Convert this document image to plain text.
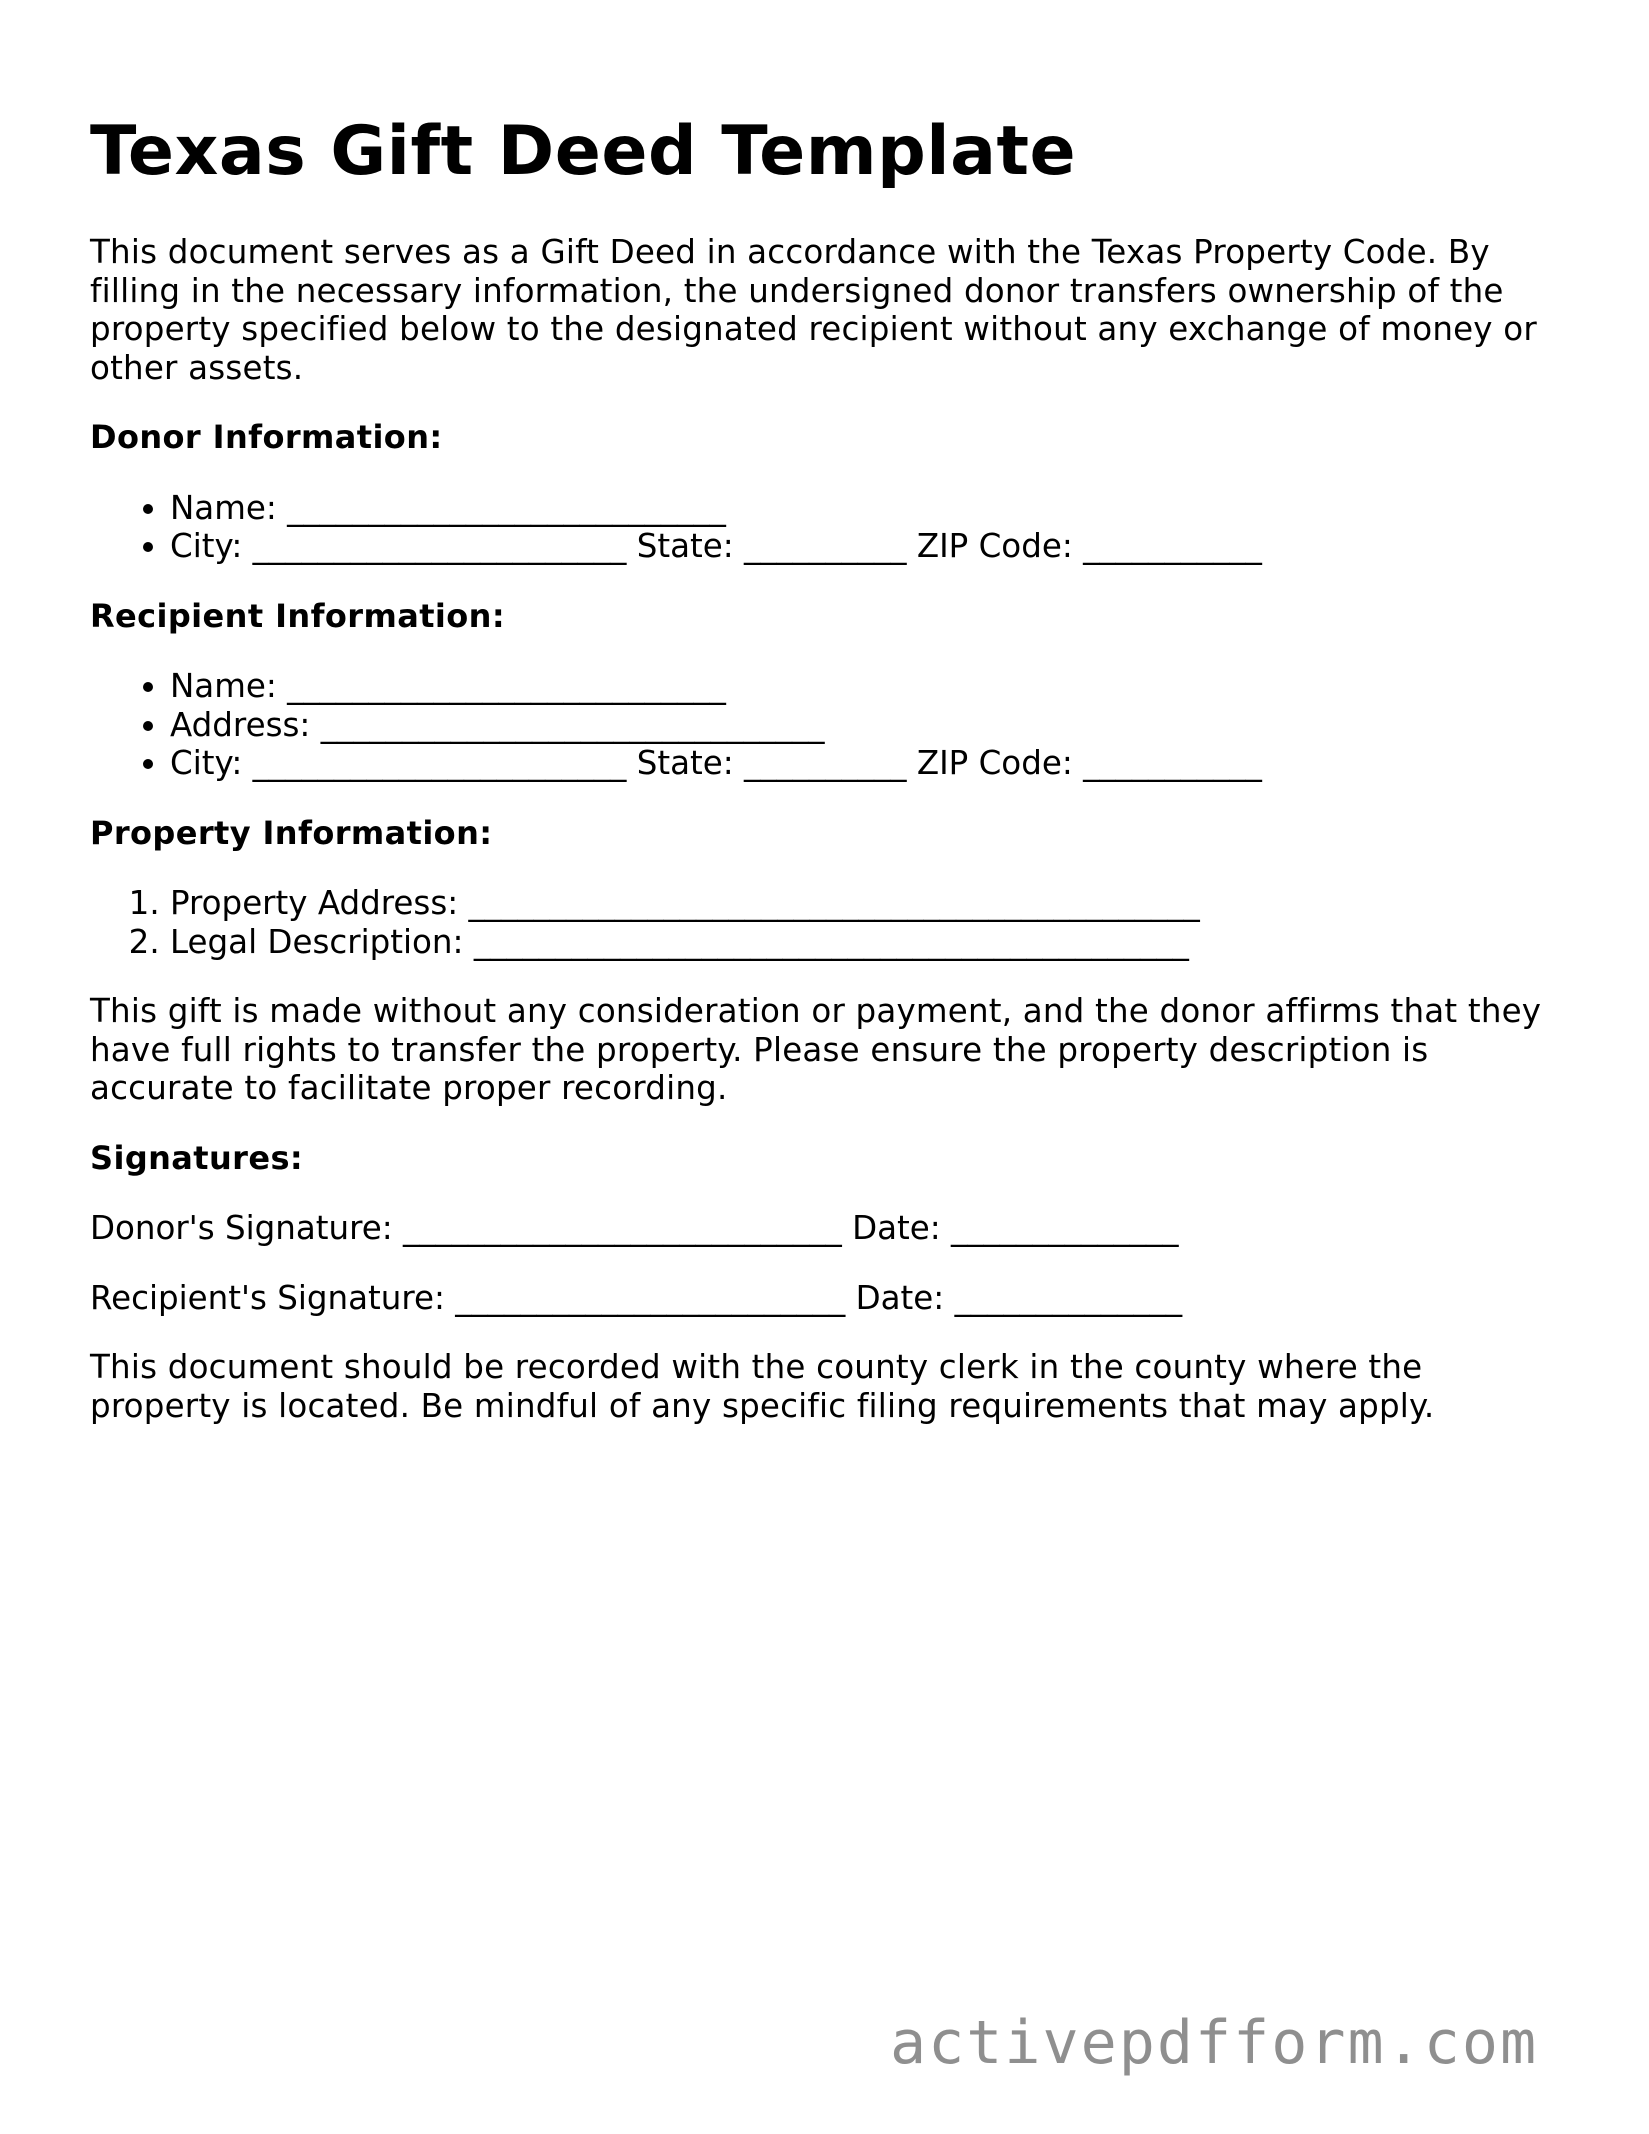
Texas Gift Deed Template

This document serves as a Gift Deed in accordance with the Texas Property Code. By filling in the necessary information, the undersigned donor transfers ownership of the property specified below to the designated recipient without any exchange of money or other assets.

Donor Information:
• Name: ___________________________
• City: _______________________ State: __________ ZIP Code: ___________
Recipient Information:
• Name: ___________________________
• Address: _______________________________
• City: _______________________ State: __________ ZIP Code: ___________
Property Information:
1. Property Address: _____________________________________________
2. Legal Description: ____________________________________________

This gift is made without any consideration or payment, and the donor affirms that they have full rights to transfer the property. Please ensure the property description is accurate to facilitate proper recording.

Signatures:
Donor's Signature: ___________________________ Date: ______________
Recipient's Signature: ________________________ Date: ______________

This document should be recorded with the county clerk in the county where the property is located. Be mindful of any specific filing requirements that may apply.

activepdfform.com
